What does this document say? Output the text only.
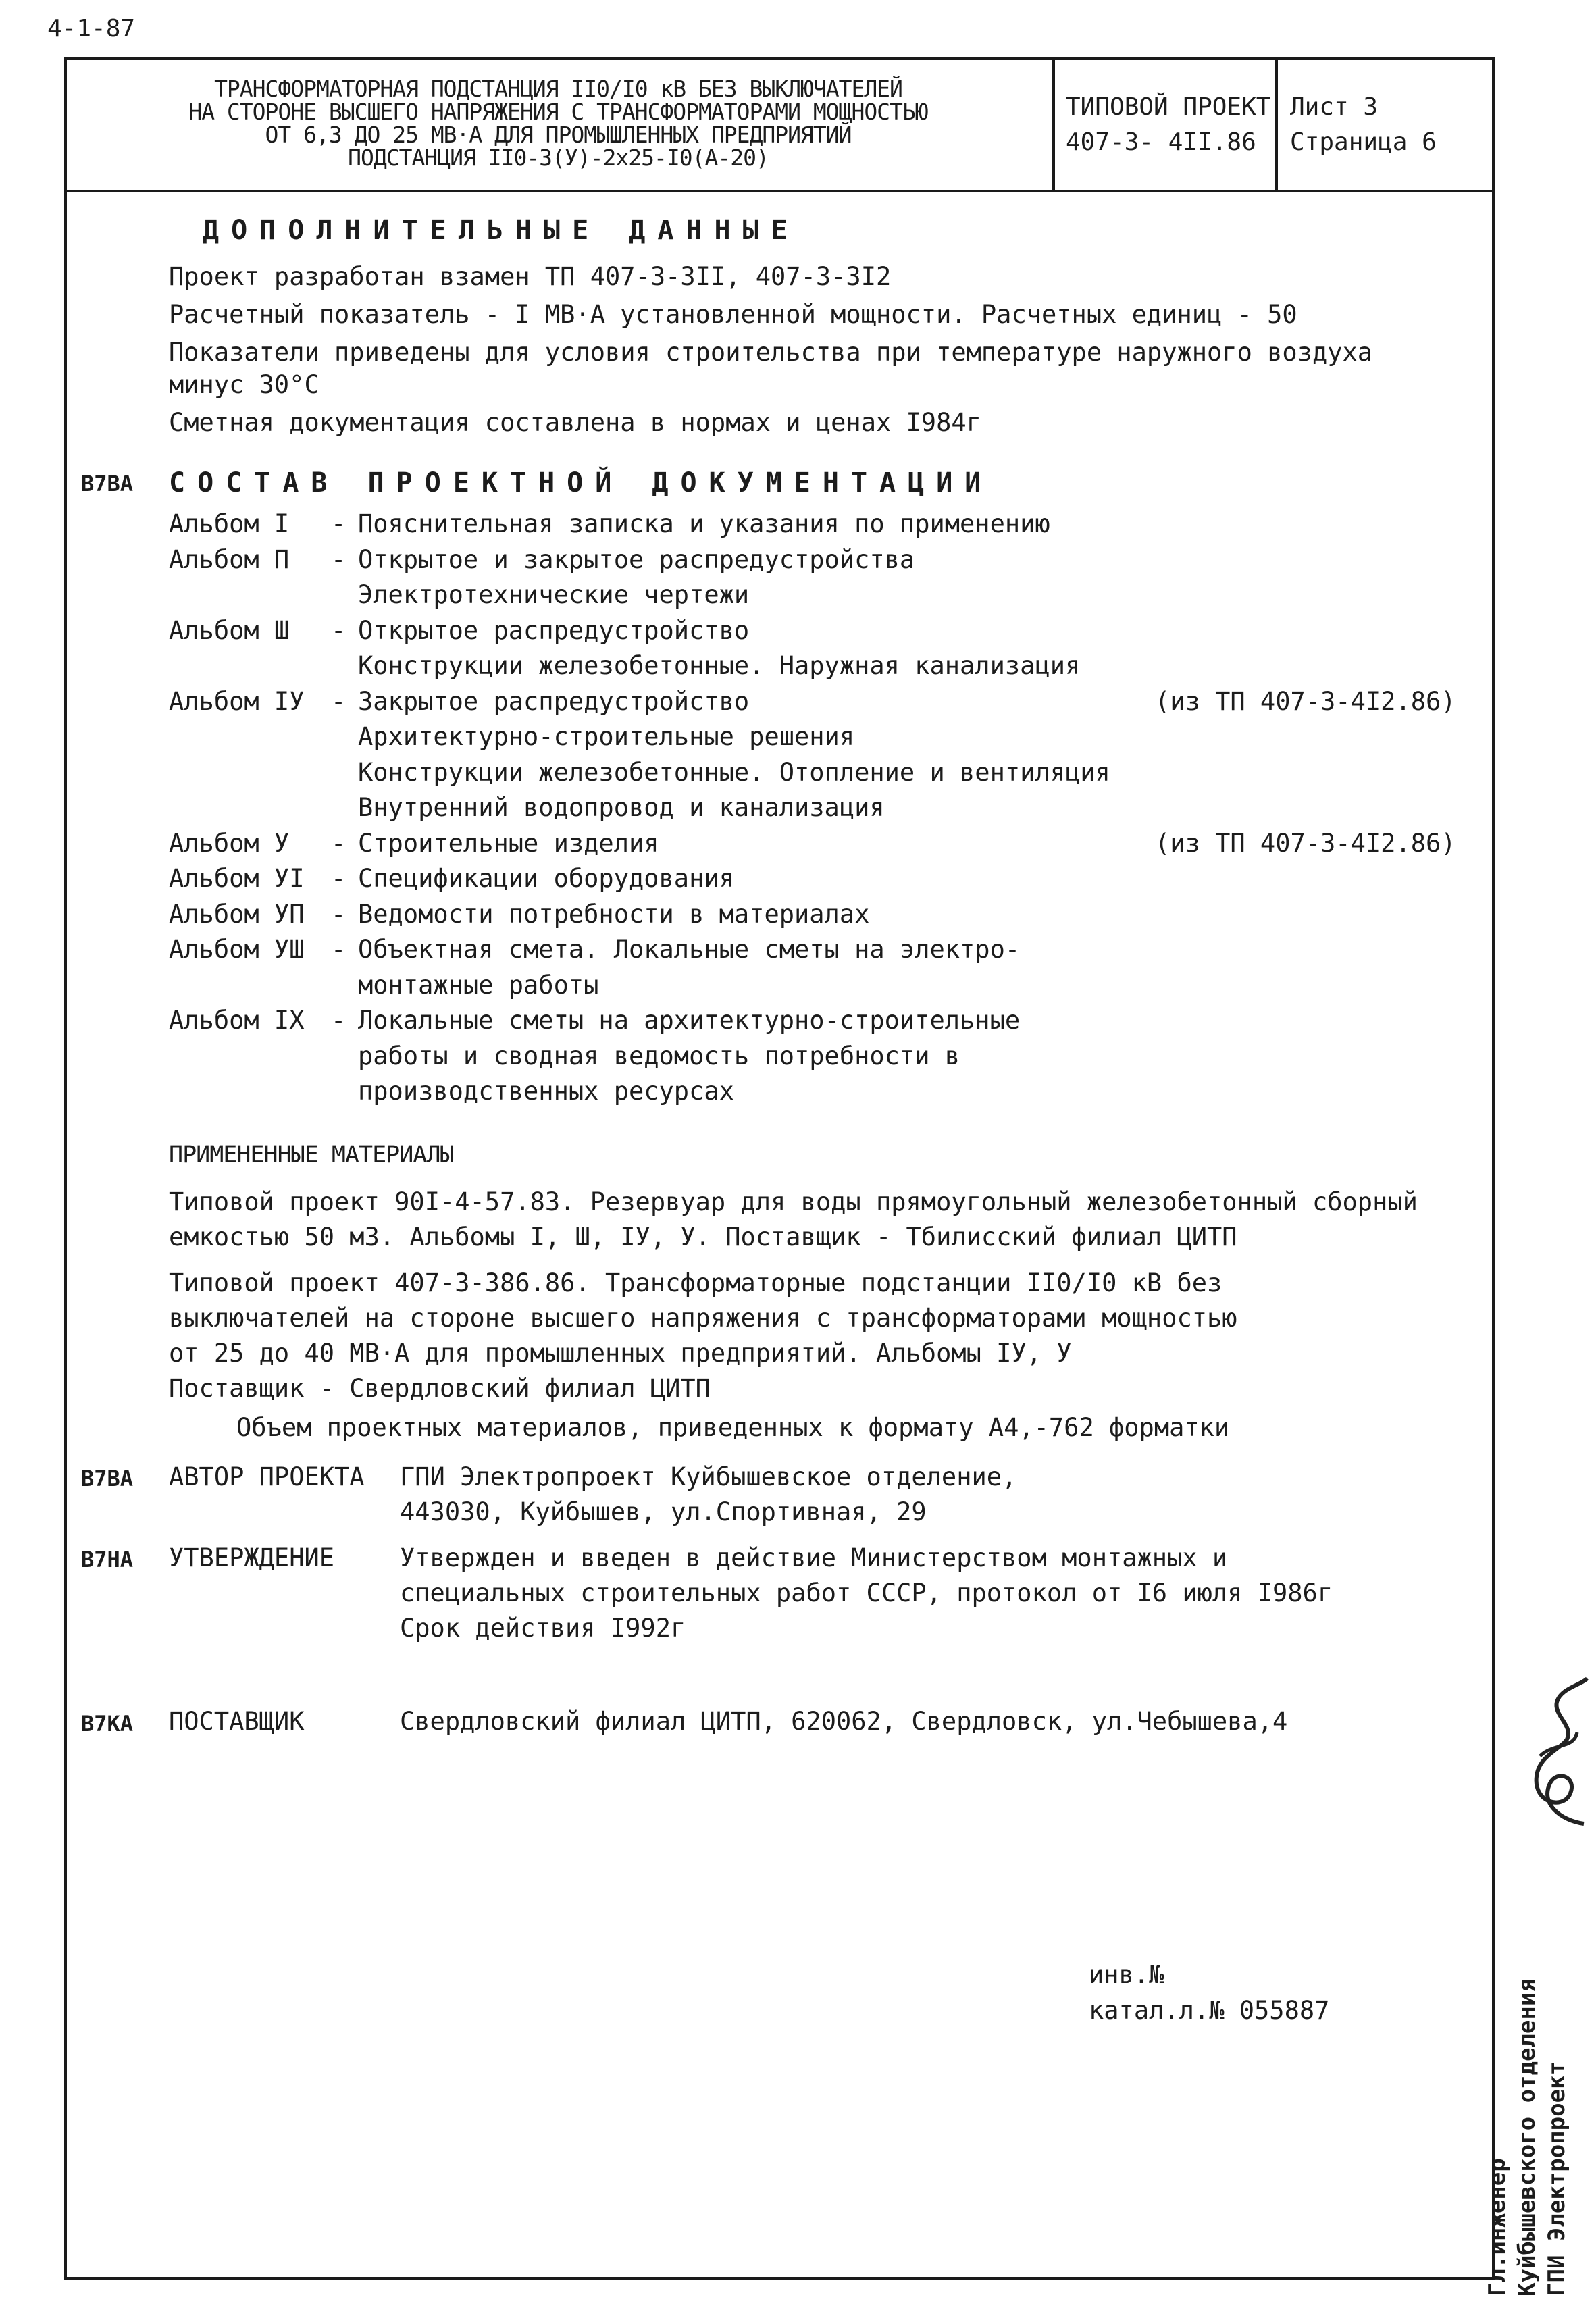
4-1-87
ТРАНСФОРМАТОРНАЯ ПОДСТАНЦИЯ II0/I0 кВ БЕЗ ВЫКЛЮЧАТЕЛЕЙ
НА СТОРОНЕ ВЫСШЕГО НАПРЯЖЕНИЯ С ТРАНСФОРМАТОРАМИ МОЩНОСТЬЮ
ОТ 6,3 ДО 25 МВ·А ДЛЯ ПРОМЫШЛЕННЫХ ПРЕДПРИЯТИЙ
ПОДСТАНЦИЯ II0-3(У)-2х25-I0(А-20)
ТИПОВОЙ ПРОЕКТ
407-3- 4II.86
Лист 3
Страница 6
ДОПОЛНИТЕЛЬНЫЕ ДАННЫЕ
Проект разработан взамен ТП 407-3-3II, 407-3-3I2
Расчетный показатель - I МВ·А установленной мощности. Расчетных единиц - 50
Показатели приведены для условия строительства при температуре наружного воздуха
минус 30°С
Сметная документация составлена в нормах и ценах I984г
В7ВА СОСТАВ ПРОЕКТНОЙ ДОКУМЕНТАЦИИ
Альбом I	- Пояснительная записка и указания по применению
Альбом П	- Открытое и закрытое распредустройства
Электротехнические чертежи
Альбом Ш	- Открытое распредустройство
Конструкции железобетонные. Наружная канализация
Альбом IУ	- Закрытое распредустройство	(из ТП 407-3-4I2.86)
Архитектурно-строительные решения
Конструкции железобетонные. Отопление и вентиляция
Внутренний водопровод и канализация
Альбом У	- Строительные изделия	(из ТП 407-3-4I2.86)
Альбом УI	- Спецификации оборудования
Альбом УП	- Ведомости потребности в материалах
Альбом УШ	- Объектная смета. Локальные сметы на электро-
монтажные работы
Альбом IX	- Локальные сметы на архитектурно-строительные
работы и сводная ведомость потребности в
производственных ресурсах
ПРИМЕНЕННЫЕ МАТЕРИАЛЫ
Типовой проект 90I-4-57.83. Резервуар для воды прямоугольный железобетонный сборный
емкостью 50 м3. Альбомы I, Ш, IУ, У. Поставщик - Тбилисский филиал ЦИТП
Типовой проект 407-3-386.86. Трансформаторные подстанции II0/I0 кВ без
выключателей на стороне высшего напряжения с трансформаторами мощностью
от 25 до 40 МВ·А для промышленных предприятий. Альбомы IУ, У
Поставщик - Свердловский филиал ЦИТП
Объем проектных материалов, приведенных к формату А4,-762 форматки
В7ВА АВТОР ПРОЕКТА ГПИ Электропроект Куйбышевское отделение,
443030, Куйбышев, ул.Спортивная, 29
В7НА УТВЕРЖДЕНИЕ	Утвержден и введен в действие Министерством монтажных и
специальных строительных работ СССР, протокол от I6 июля I986г
Срок действия I992г
В7КА ПОСТАВЩИК	Свердловский филиал ЦИТП, 620062, Свердловск, ул.Чебышева,4
инв.№
катал.л.№ 055887
Гл.инженер Куйбышевского отделения ГПИ Электропроект
